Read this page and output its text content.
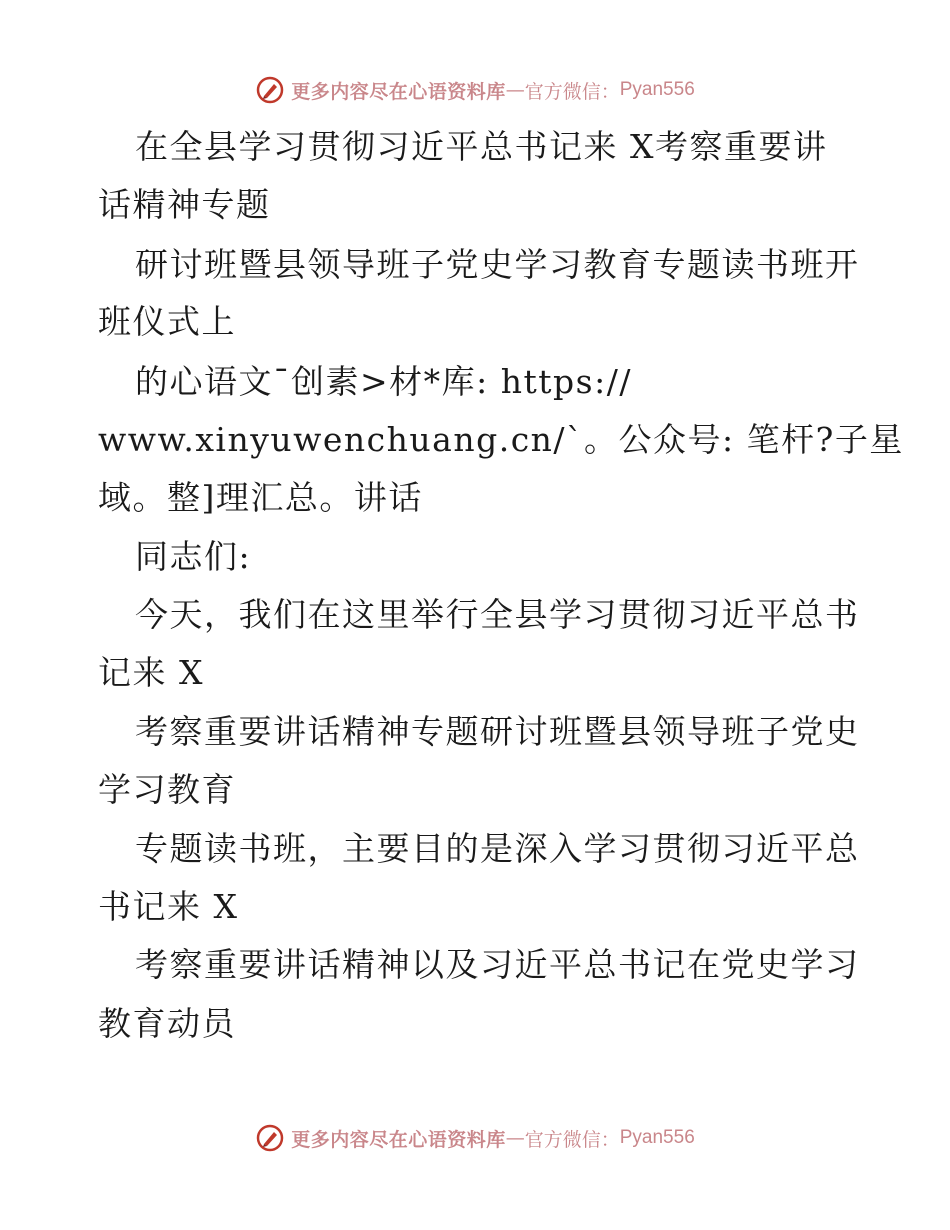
更多内容尽在心语资料库 — 官方微信： Pyan556
在全县学习贯彻习近平总书记来 X考察重要讲
话精神专题
研讨班暨县领导班子党史学习教育专题读书班开
班仪式上
的心语文¯创素>材*库: https://
www.xinyuwenchuang.cn/`。公众号: 笔杆?子星
域。整]理汇总。讲话
同志们:
今天，我们在这里举行全县学习贯彻习近平总书
记来 X
考察重要讲话精神专题研讨班暨县领导班子党史
学习教育
专题读书班，主要目的是深入学习贯彻习近平总
书记来 X
考察重要讲话精神以及习近平总书记在党史学习
教育动员
更多内容尽在心语资料库 — 官方微信： Pyan556
